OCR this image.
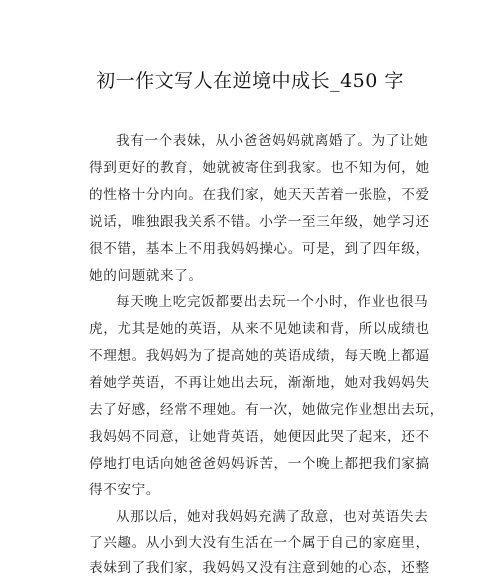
初一作文写人在逆境中成长_450 字
我有一个表妹，从小爸爸妈妈就离婚了。为了让她
得到更好的教育，她就被寄住到我家。也不知为何，她
的性格十分内向。在我们家，她天天苦着一张脸，不爱
说话，唯独跟我关系不错。小学一至三年级，她学习还
很不错，基本上不用我妈妈操心。可是，到了四年级，
她的问题就来了。
每天晚上吃完饭都要出去玩一个小时，作业也很马
虎，尤其是她的英语，从来不见她读和背，所以成绩也
不理想。我妈妈为了提高她的英语成绩，每天晚上都逼
着她学英语，不再让她出去玩，渐渐地，她对我妈妈失
去了好感，经常不理她。有一次，她做完作业想出去玩，
我妈妈不同意，让她背英语，她便因此哭了起来，还不
停地打电话向她爸爸妈妈诉苦，一个晚上都把我们家搞
得不安宁。
从那以后，她对我妈妈充满了敌意，也对英语失去
了兴趣。从小到大没有生活在一个属于自己的家庭里，
表妹到了我们家，我妈妈又没有注意到她的心态，还整
